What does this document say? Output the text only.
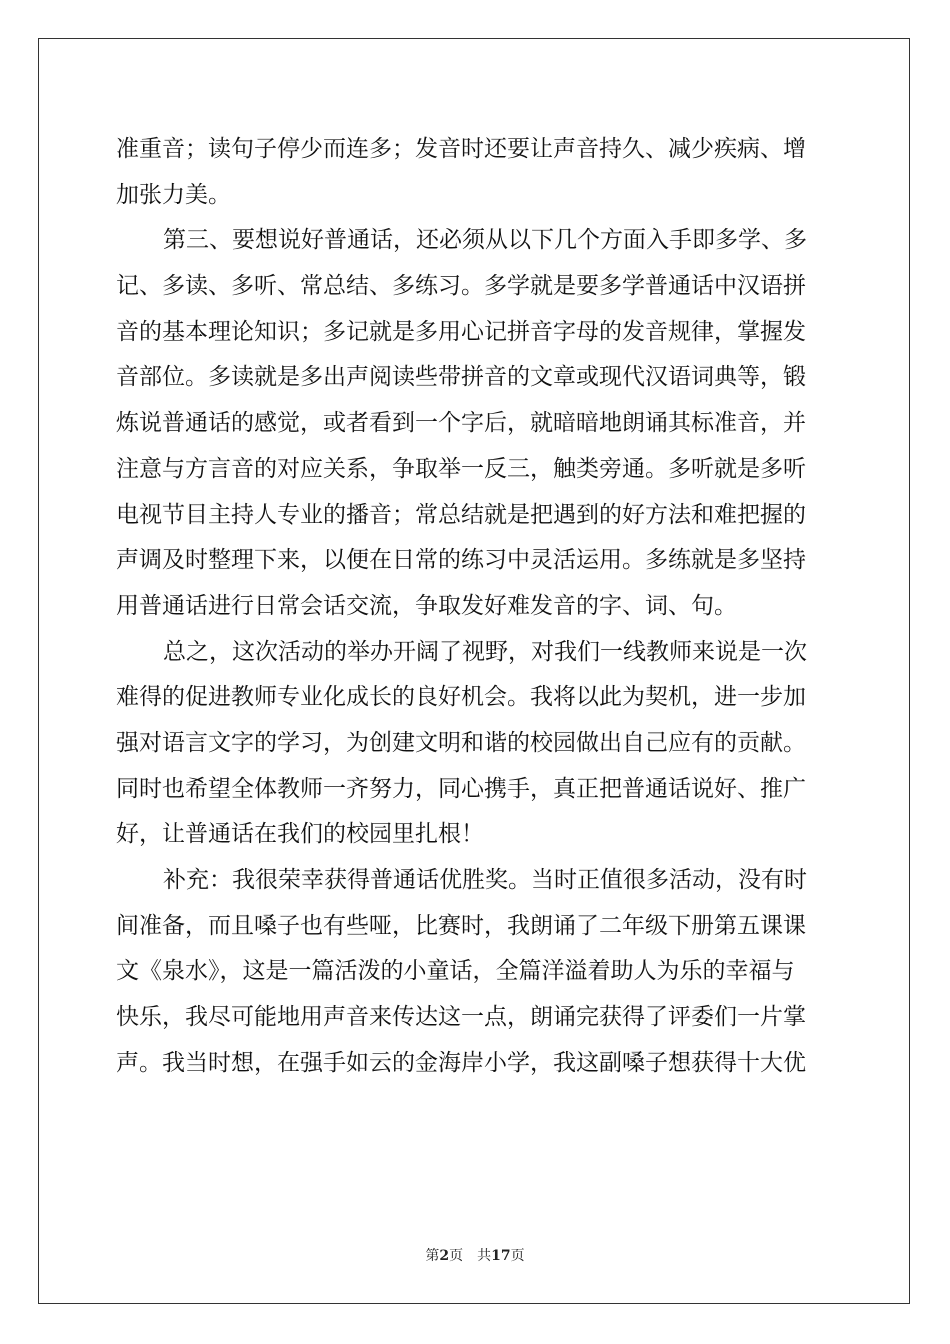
准重音；读句子停少而连多；发音时还要让声音持久、减少疾病、增
加张力美。
第三、要想说好普通话，还必须从以下几个方面入手即多学、多
记、多读、多听、常总结、多练习。多学就是要多学普通话中汉语拼
音的基本理论知识；多记就是多用心记拼音字母的发音规律，掌握发
音部位。多读就是多出声阅读些带拼音的文章或现代汉语词典等，锻
炼说普通话的感觉，或者看到一个字后，就暗暗地朗诵其标准音，并
注意与方言音的对应关系，争取举一反三，触类旁通。多听就是多听
电视节目主持人专业的播音；常总结就是把遇到的好方法和难把握的
声调及时整理下来，以便在日常的练习中灵活运用。多练就是多坚持
用普通话进行日常会话交流，争取发好难发音的字、词、句。
总之，这次活动的举办开阔了视野，对我们一线教师来说是一次
难得的促进教师专业化成长的良好机会。我将以此为契机，进一步加
强对语言文字的学习，为创建文明和谐的校园做出自己应有的贡献。
同时也希望全体教师一齐努力，同心携手，真正把普通话说好、推广
好，让普通话在我们的校园里扎根！
补充：我很荣幸获得普通话优胜奖。当时正值很多活动，没有时
间准备，而且嗓子也有些哑，比赛时，我朗诵了二年级下册第五课课
文《泉水》，这是一篇活泼的小童话，全篇洋溢着助人为乐的幸福与
快乐，我尽可能地用声音来传达这一点，朗诵完获得了评委们一片掌
声。我当时想，在强手如云的金海岸小学，我这副嗓子想获得十大优
第2页 共17页
